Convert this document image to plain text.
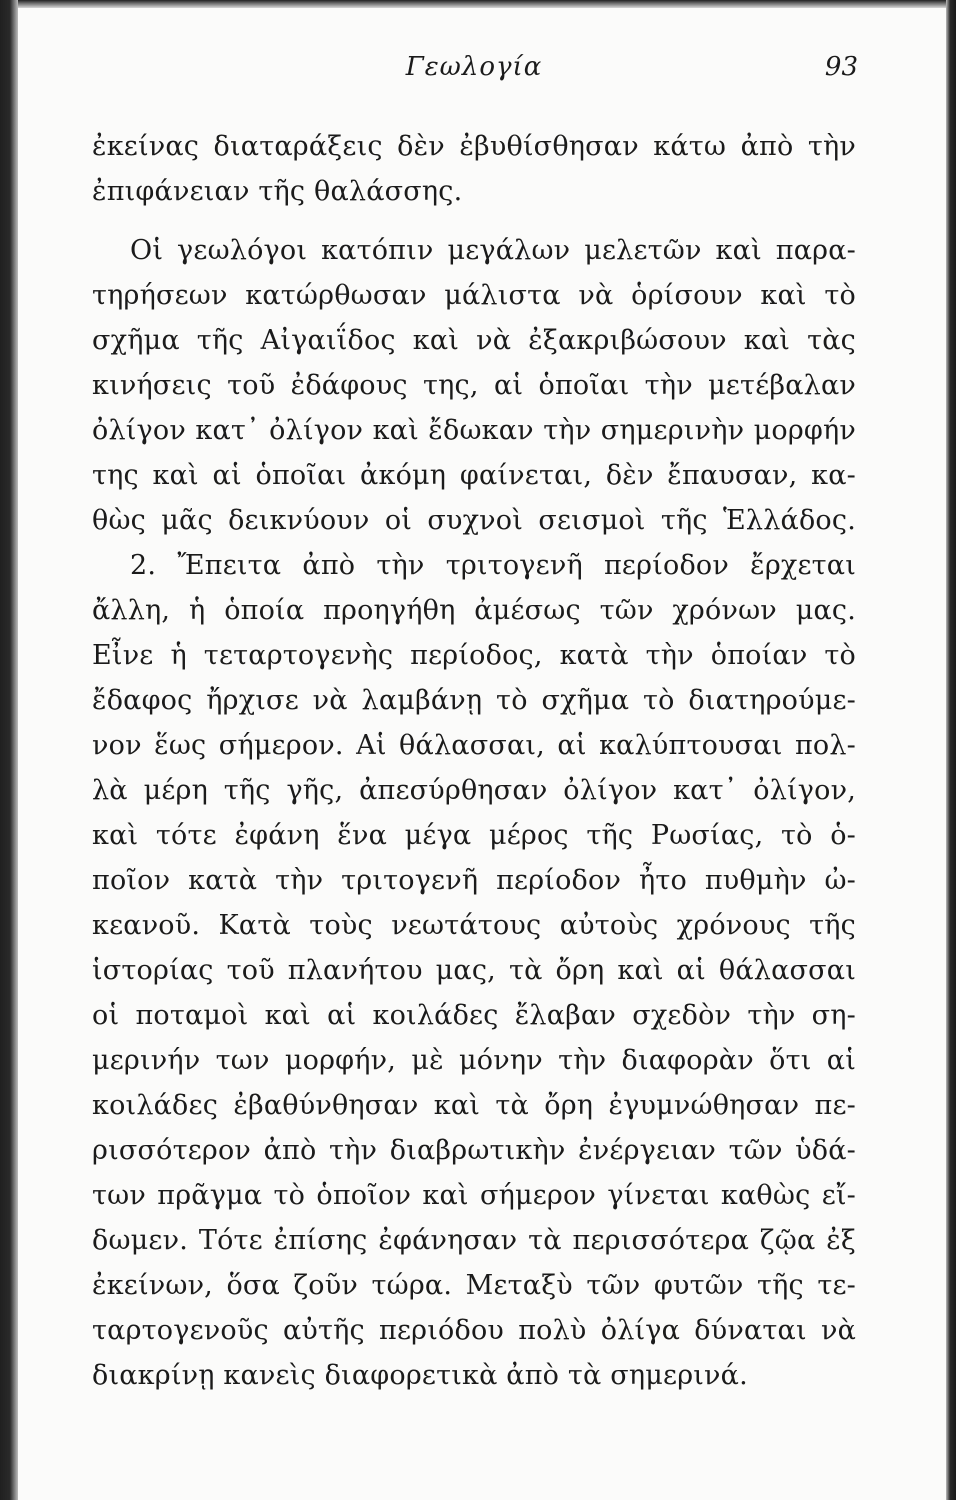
Γεωλογία	93
ἐκείνας διαταράξεις δὲν ἐβυθίσθησαν κάτω ἀπὸ τὴν
ἐπιφάνειαν τῆς θαλάσσης.
Οἱ γεωλόγοι κατόπιν μεγάλων μελετῶν καὶ παρα-
τηρήσεων κατώρθωσαν μάλιστα νὰ ὁρίσουν καὶ τὸ
σχῆμα τῆς Αἰγαιΐδος καὶ νὰ ἐξακριβώσουν καὶ τὰς
κινήσεις τοῦ ἐδάφους της, αἱ ὁποῖαι τὴν μετέβαλαν
ὀλίγον κατ᾽ ὀλίγον καὶ ἔδωκαν τὴν σημερινὴν μορφήν
της καὶ αἱ ὁποῖαι ἀκόμη φαίνεται, δὲν ἔπαυσαν, κα-
θὼς μᾶς δεικνύουν οἱ συχνοὶ σεισμοὶ τῆς Ἑλλάδος.
2. Ἔπειτα ἀπὸ τὴν τριτογενῆ περίοδον ἔρχεται
ἄλλη, ἡ ὁποία προηγήθη ἀμέσως τῶν χρόνων μας.
Εἶνε ἡ τεταρτογενὴς περίοδος, κατὰ τὴν ὁποίαν τὸ
ἔδαφος ἤρχισε νὰ λαμβάνῃ τὸ σχῆμα τὸ διατηρούμε-
νον ἕως σήμερον. Αἱ θάλασσαι, αἱ καλύπτουσαι πολ-
λὰ μέρη τῆς γῆς, ἀπεσύρθησαν ὀλίγον κατ᾽ ὀλίγον,
καὶ τότε ἐφάνη ἕνα μέγα μέρος τῆς Ρωσίας, τὸ ὁ-
ποῖον κατὰ τὴν τριτογενῆ περίοδον ἦτο πυθμὴν ὠ-
κεανοῦ. Κατὰ τοὺς νεωτάτους αὐτοὺς χρόνους τῆς
ἱστορίας τοῦ πλανήτου μας, τὰ ὄρη καὶ αἱ θάλασσαι
οἱ ποταμοὶ καὶ αἱ κοιλάδες ἔλαβαν σχεδὸν τὴν ση-
μερινήν των μορφήν, μὲ μόνην τὴν διαφορὰν ὅτι αἱ
κοιλάδες ἐβαθύνθησαν καὶ τὰ ὄρη ἐγυμνώθησαν πε-
ρισσότερον ἀπὸ τὴν διαβρωτικὴν ἐνέργειαν τῶν ὑδά-
των πρᾶγμα τὸ ὁποῖον καὶ σήμερον γίνεται καθὼς εἴ-
δωμεν. Τότε ἐπίσης ἐφάνησαν τὰ περισσότερα ζῷα ἐξ
ἐκείνων, ὅσα ζοῦν τώρα. Μεταξὺ τῶν φυτῶν τῆς τε-
ταρτογενοῦς αὐτῆς περιόδου πολὺ ὀλίγα δύναται νὰ
διακρίνῃ κανεὶς διαφορετικὰ ἀπὸ τὰ σημερινά.
